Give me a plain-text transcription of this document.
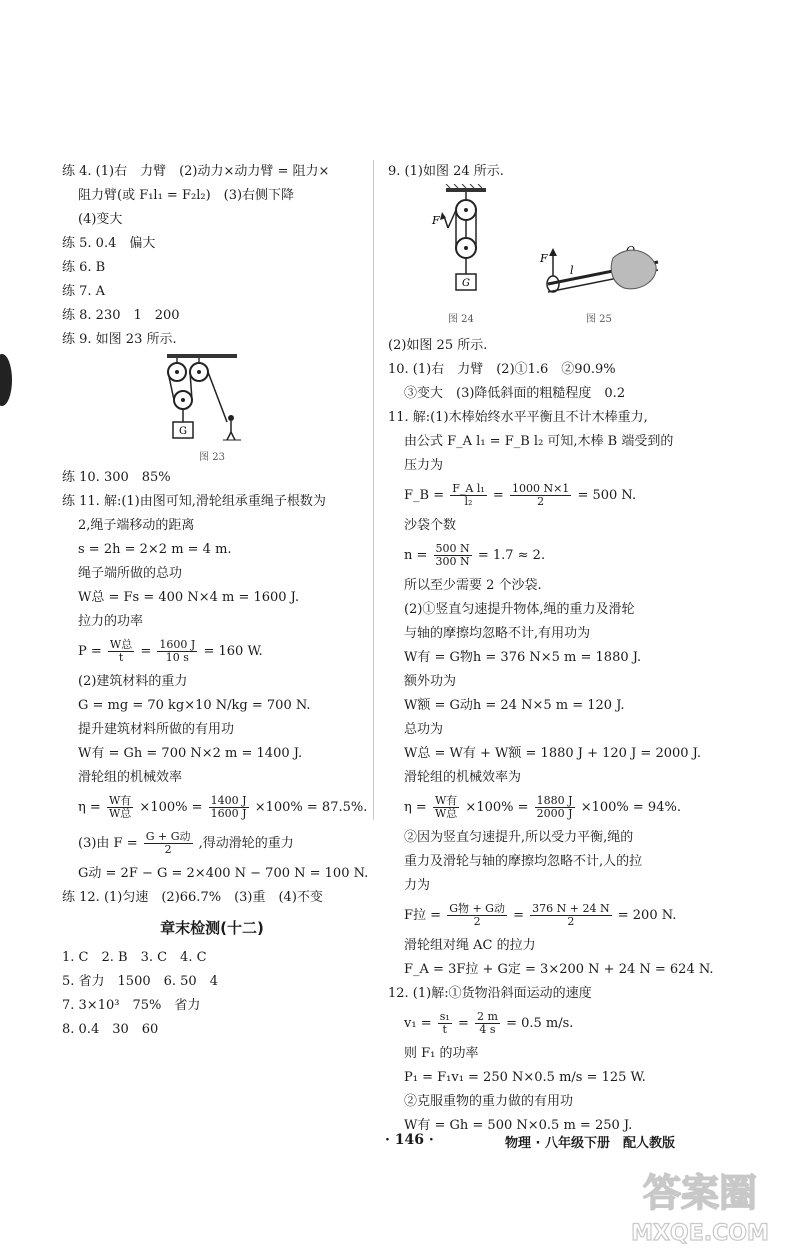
练 4. (1)右　力臂　(2)动力×动力臂 = 阻力×
阻力臂(或 F₁l₁ = F₂l₂)　(3)右侧下降
(4)变大
练 5. 0.4　偏大
练 6. B
练 7. A
练 8. 230　1　200
练 9. 如图 23 所示.
G
图 23
练 10. 300　85%
练 11. 解:(1)由图可知,滑轮组承重绳子根数为
2,绳子端移动的距离
s = 2h = 2×2 m = 4 m.
绳子端所做的总功
W总 = Fs = 400 N×4 m = 1600 J.
拉力的功率
$P = \frac{\text{W总}}{t} = \frac{1600 J}{10 s} = 160$ W.
(2)建筑材料的重力
G = mg = 70 kg×10 N/kg = 700 N.
提升建筑材料所做的有用功
W有 = Gh = 700 N×2 m = 1400 J.
滑轮组的机械效率
$\eta = \frac{\text{W有}}{\text{W总}} \times 100\% = \frac{1400 J}{1600 J} \times 100\% = 87.5\%$.
(3)由 $F = \frac{\text{G + G动}}{2}$ ,得动滑轮的重力
G动 = 2F − G = 2×400 N − 700 N = 100 N.
练 12. (1)匀速　(2)66.7%　(3)重　(4)不变
章末检测(十二)
1. C　2. B　3. C　4. C
5. 省力　1500　6. 50　4
7. 3×10³　75%　省力
8. 0.4　30　60
9. (1)如图 24 所示.
F
G
F
l
图 24	图 25
(2)如图 25 所示.
10. (1)右　力臂　(2)①1.6　②90.9%
③变大　(3)降低斜面的粗糙程度　0.2
11. 解:(1)木棒始终水平平衡且不计木棒重力,
由公式 F_A l₁ = F_B l₂ 可知,木棒 B 端受到的
压力为
F_B = $\frac{\text{F\_A l₁}}{\text{l₂}} = \frac{1000 N\times 1}{2} = 500$ N.
沙袋个数
$n = \frac{500 N}{300 N} = 1.7 \approx 2$.
所以至少需要 2 个沙袋.
(2)①竖直匀速提升物体,绳的重力及滑轮
与轴的摩擦均忽略不计,有用功为
W有 = G物h = 376 N×5 m = 1880 J.
额外功为
W额 = G动h = 24 N×5 m = 120 J.
总功为
W总 = W有 + W额 = 1880 J + 120 J = 2000 J.
滑轮组的机械效率为
$\eta = \frac{\text{W有}}{\text{W总}} \times 100\% = \frac{1880 J}{2000 J} \times 100\% = 94\%$.
②因为竖直匀速提升,所以受力平衡,绳的
重力及滑轮与轴的摩擦均忽略不计,人的拉
力为
F拉 = $\frac{\text{G物 + G动}}{2} = \frac{376 N + 24 N}{2} = 200$ N.
滑轮组对绳 AC 的拉力
F_A = 3F拉 + G定 = 3×200 N + 24 N = 624 N.
12. (1)解:①货物沿斜面运动的速度
$v_1 = \frac{\text{s₁}}{t} = \frac{2 m}{4 s} = 0.5$ m/s.
则 F₁ 的功率
P₁ = F₁v₁ = 250 N×0.5 m/s = 125 W.
②克服重物的重力做的有用功
W有 = Gh = 500 N×0.5 m = 250 J.
· 146 ·	物理 · 八年级下册　配人教版
答案圈
MXQE.COM
